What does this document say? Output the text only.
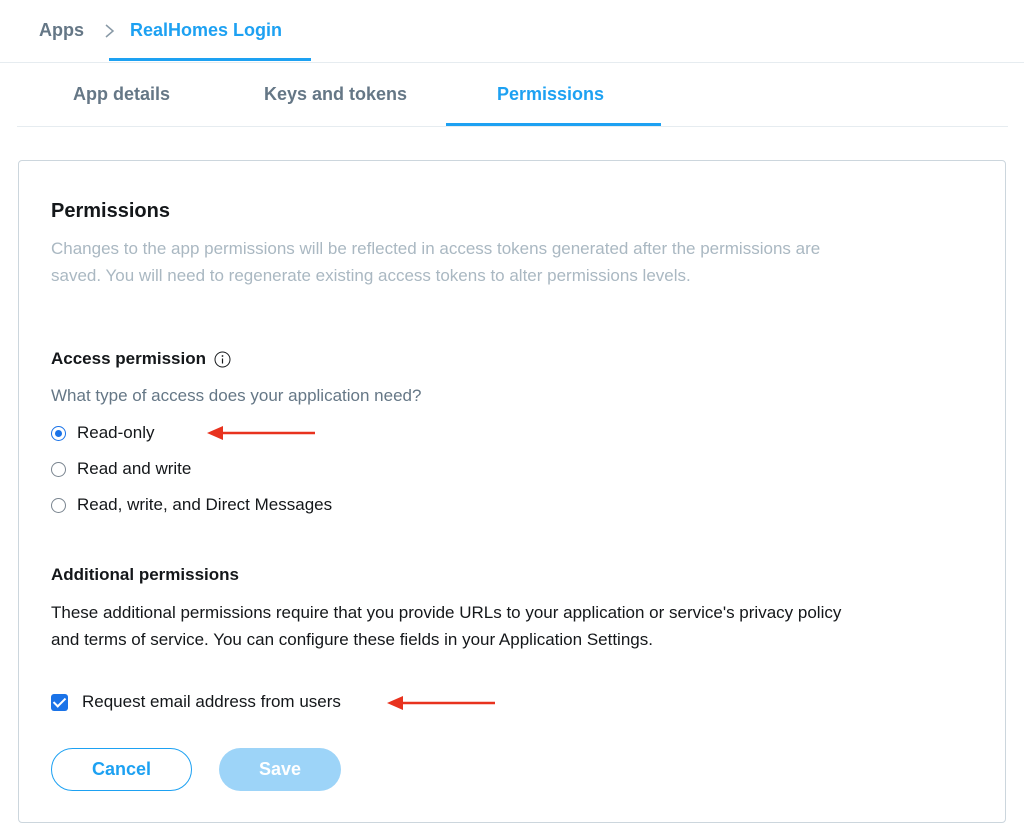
Apps	RealHomes Login
App details	Keys and tokens	Permissions
Permissions
Changes to the app permissions will be reflected in access tokens generated after the permissions are saved. You will need to regenerate existing access tokens to alter permissions levels.
Access permission
What type of access does your application need?
Read-only
Read and write
Read, write, and Direct Messages
Additional permissions
These additional permissions require that you provide URLs to your application or service's privacy policy and terms of service. You can configure these fields in your Application Settings.
Request email address from users
Cancel	Save
